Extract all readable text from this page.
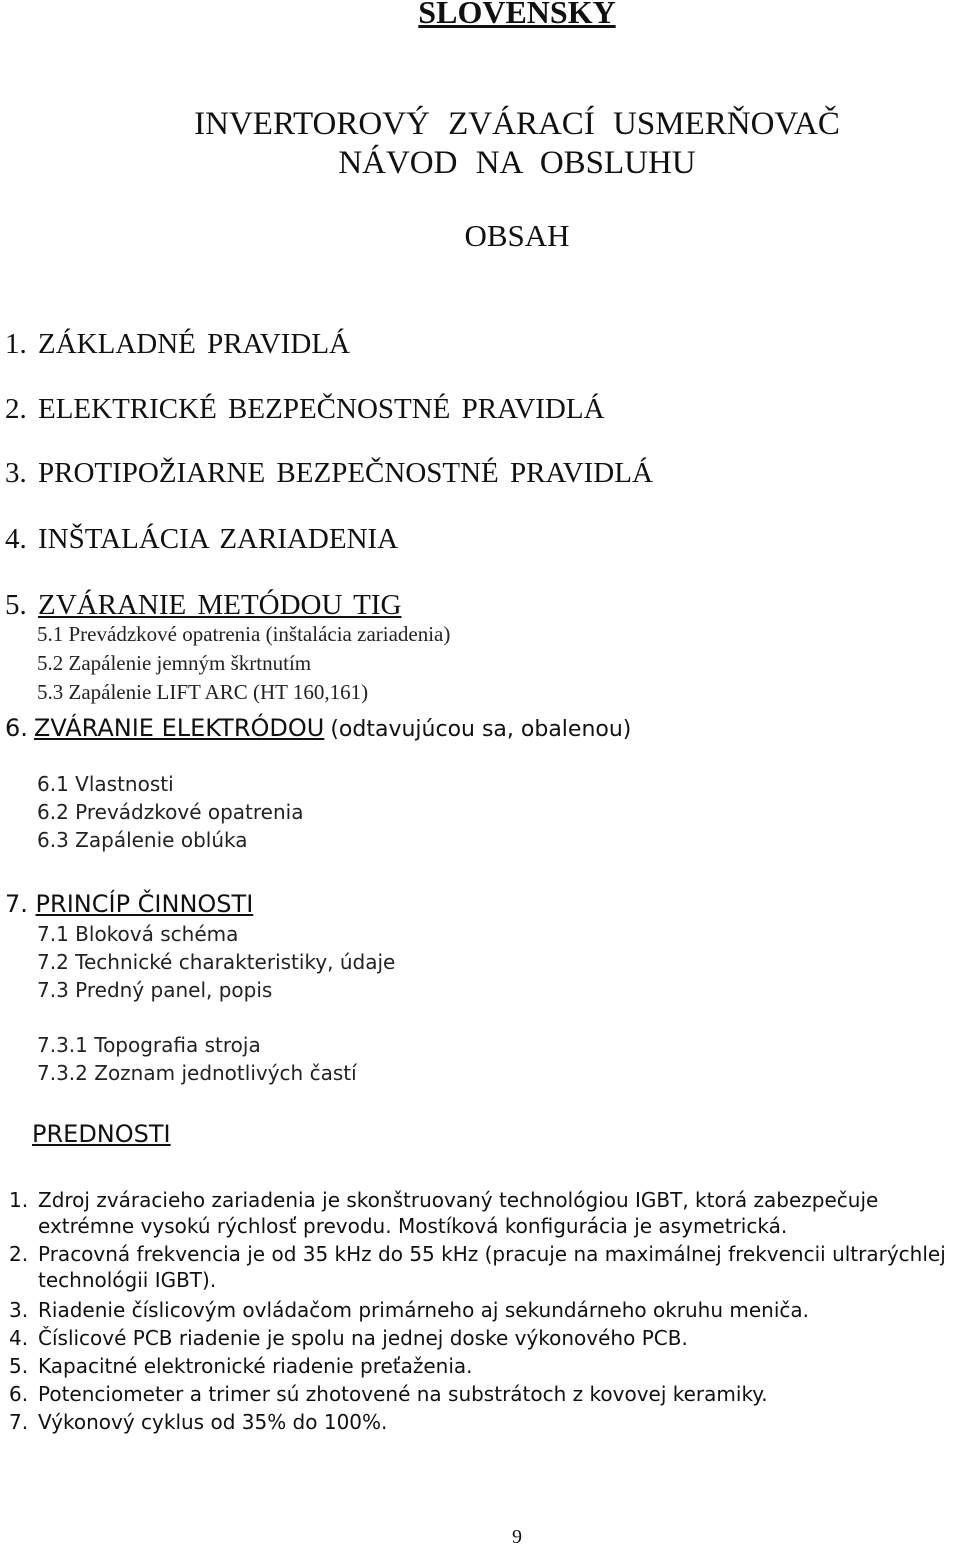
SLOVENSKY
INVERTOROVÝ ZVÁRACÍ USMERŇOVAČ
NÁVOD NA OBSLUHU
OBSAH
1. ZÁKLADNÉ PRAVIDLÁ
2. ELEKTRICKÉ BEZPEČNOSTNÉ PRAVIDLÁ
3. PROTIPOŽIARNE BEZPEČNOSTNÉ PRAVIDLÁ
4. INŠTALÁCIA ZARIADENIA
5. ZVÁRANIE METÓDOU TIG
5.1 Prevádzkové opatrenia (inštalácia zariadenia)
5.2 Zapálenie jemným škrtnutím
5.3 Zapálenie LIFT ARC (HT 160,161)
6. ZVÁRANIE ELEKTRÓDOU (odtavujúcou sa, obalenou)
6.1 Vlastnosti
6.2 Prevádzkové opatrenia
6.3 Zapálenie oblúka
7. PRINCÍP ČINNOSTI
7.1 Bloková schéma
7.2 Technické charakteristiky, údaje
7.3 Predný panel, popis
7.3.1 Topografia stroja
7.3.2 Zoznam jednotlivých častí
PREDNOSTI
1. Zdroj zváracieho zariadenia je skonštruovaný technológiou IGBT, ktorá zabezpečuje extrémne vysokú rýchlosť prevodu. Mostíková konfigurácia je asymetrická.
2. Pracovná frekvencia je od 35 kHz do 55 kHz (pracuje na maximálnej frekvencii ultrarýchlej technológii IGBT).
3. Riadenie číslicovým ovládačom primárneho aj sekundárneho okruhu meniča.
4. Číslicové PCB riadenie je spolu na jednej doske výkonového PCB.
5. Kapacitné elektronické riadenie preťaženia.
6. Potenciometer a trimer sú zhotovené na substrátoch z kovovej keramiky.
7. Výkonový cyklus od 35% do 100%.
9
